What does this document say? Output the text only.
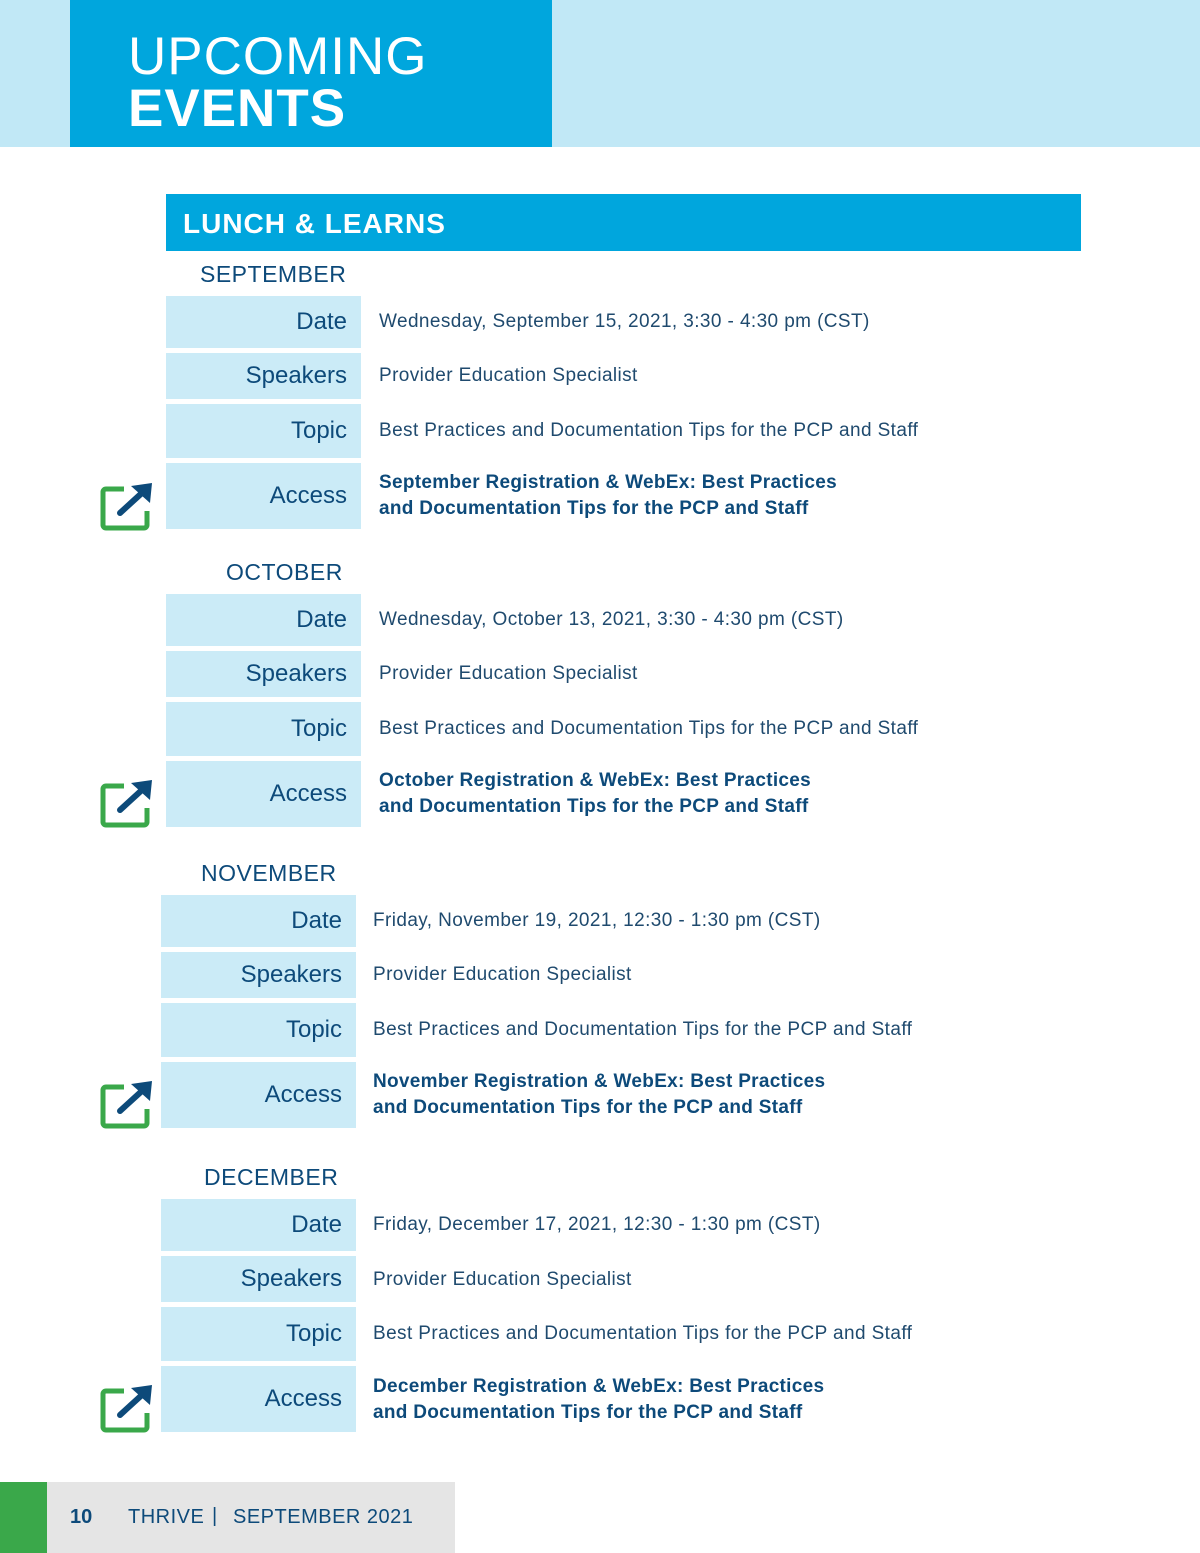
UPCOMING
EVENTS
LUNCH & LEARNS
SEPTEMBER
Date	Wednesday, September 15, 2021, 3:30 - 4:30 pm (CST)
Speakers	Provider Education Specialist
Topic	Best Practices and Documentation Tips for the PCP and Staff
Access	September Registration & WebEx: Best Practices
and Documentation Tips for the PCP and Staff
OCTOBER
Date	Wednesday, October 13, 2021, 3:30 - 4:30 pm (CST)
Speakers	Provider Education Specialist
Topic	Best Practices and Documentation Tips for the PCP and Staff
Access	October Registration & WebEx: Best Practices
and Documentation Tips for the PCP and Staff
NOVEMBER
Date	Friday, November 19, 2021, 12:30 - 1:30 pm (CST)
Speakers	Provider Education Specialist
Topic	Best Practices and Documentation Tips for the PCP and Staff
Access	November Registration & WebEx: Best Practices
and Documentation Tips for the PCP and Staff
DECEMBER
Date	Friday, December 17, 2021, 12:30 - 1:30 pm (CST)
Speakers	Provider Education Specialist
Topic	Best Practices and Documentation Tips for the PCP and Staff
Access	December Registration & WebEx: Best Practices
and Documentation Tips for the PCP and Staff
10 THRIVE | SEPTEMBER 2021
